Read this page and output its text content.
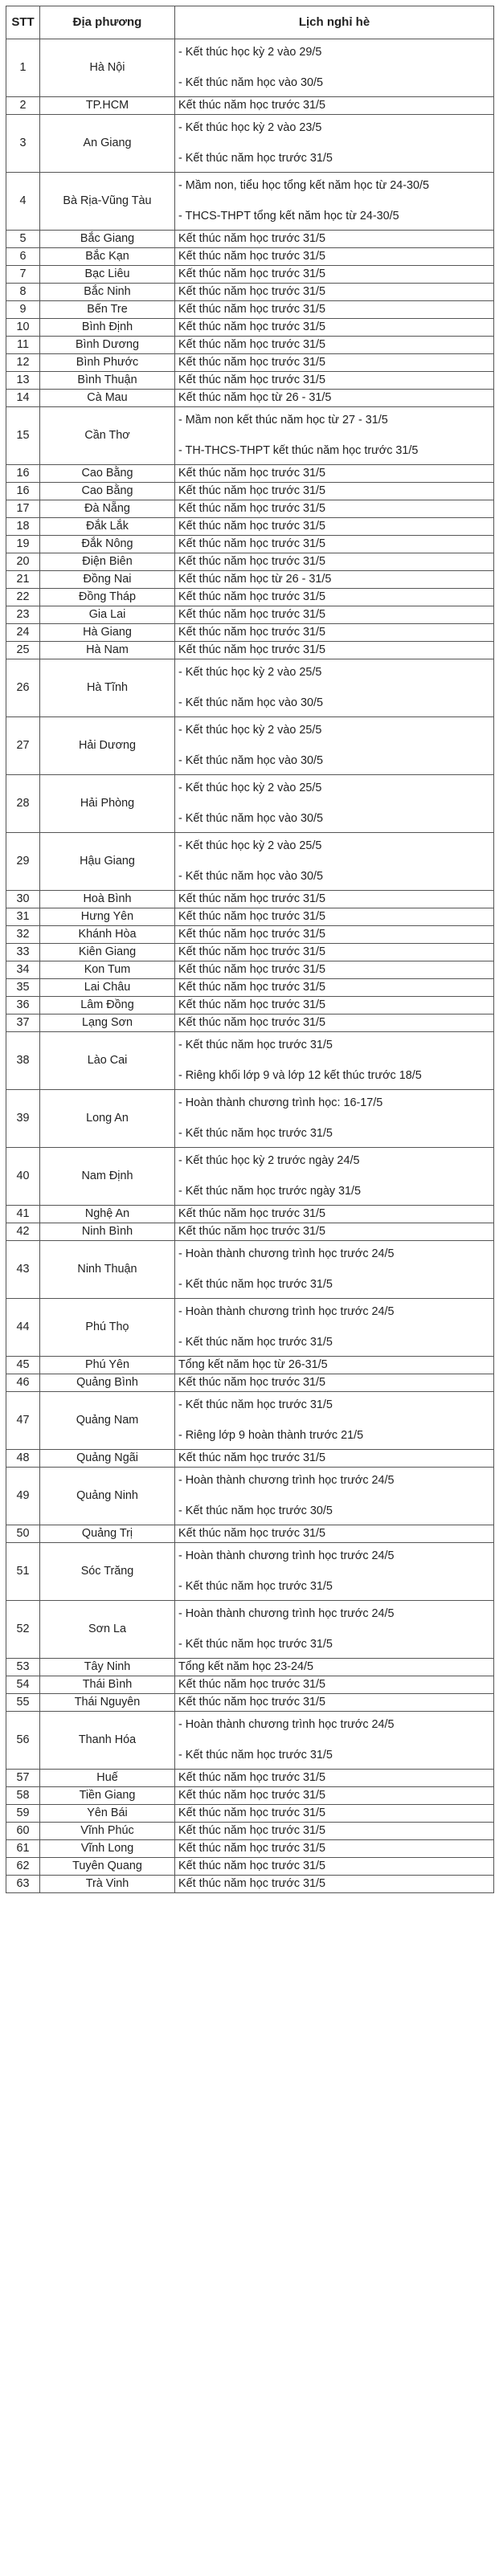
STT	Địa phương	Lịch nghỉ hè
1	Hà Nội	- Kết thúc học kỳ 2 vào 29/5
- Kết thúc năm học vào 30/5

2	TP.HCM	Kết thúc năm học trước 31/5

3	An Giang	- Kết thúc học kỳ 2 vào 23/5
- Kết thúc năm học trước 31/5

4	Bà Rịa-Vũng Tàu	- Mầm non, tiểu học tổng kết năm học từ 24-30/5
- THCS-THPT tổng kết năm học từ 24-30/5

5	Bắc Giang	Kết thúc năm học trước 31/5

6	Bắc Kạn	Kết thúc năm học trước 31/5

7	Bạc Liêu	Kết thúc năm học trước 31/5

8	Bắc Ninh	Kết thúc năm học trước 31/5

9	Bến Tre	Kết thúc năm học trước 31/5

10	Bình Định	Kết thúc năm học trước 31/5

11	Bình Dương	Kết thúc năm học trước 31/5

12	Bình Phước	Kết thúc năm học trước 31/5

13	Bình Thuận	Kết thúc năm học trước 31/5

14	Cà Mau	Kết thúc năm học từ 26 - 31/5

15	Cần Thơ	- Mầm non kết thúc năm học từ 27 - 31/5
- TH-THCS-THPT kết thúc năm học trước 31/5

16	Cao Bằng	Kết thúc năm học trước 31/5

16	Cao Bằng	Kết thúc năm học trước 31/5

17	Đà Nẵng	Kết thúc năm học trước 31/5

18	Đắk Lắk	Kết thúc năm học trước 31/5

19	Đắk Nông	Kết thúc năm học trước 31/5

20	Điện Biên	Kết thúc năm học trước 31/5

21	Đồng Nai	Kết thúc năm học từ 26 - 31/5

22	Đồng Tháp	Kết thúc năm học trước 31/5

23	Gia Lai	Kết thúc năm học trước 31/5

24	Hà Giang	Kết thúc năm học trước 31/5

25	Hà Nam	Kết thúc năm học trước 31/5

26	Hà Tĩnh	- Kết thúc học kỳ 2 vào 25/5
- Kết thúc năm học vào 30/5

27	Hải Dương	- Kết thúc học kỳ 2 vào 25/5
- Kết thúc năm học vào 30/5

28	Hải Phòng	- Kết thúc học kỳ 2 vào 25/5
- Kết thúc năm học vào 30/5

29	Hậu Giang	- Kết thúc học kỳ 2 vào 25/5
- Kết thúc năm học vào 30/5

30	Hoà Bình	Kết thúc năm học trước 31/5

31	Hưng Yên	Kết thúc năm học trước 31/5

32	Khánh Hòa	Kết thúc năm học trước 31/5

33	Kiên Giang	Kết thúc năm học trước 31/5

34	Kon Tum	Kết thúc năm học trước 31/5

35	Lai Châu	Kết thúc năm học trước 31/5

36	Lâm Đồng	Kết thúc năm học trước 31/5

37	Lạng Sơn	Kết thúc năm học trước 31/5

38	Lào Cai	- Kết thúc năm học trước 31/5
- Riêng khối lớp 9 và lớp 12 kết thúc trước 18/5

39	Long An	- Hoàn thành chương trình học: 16-17/5
- Kết thúc năm học trước 31/5

40	Nam Định	- Kết thúc học kỳ 2 trước ngày 24/5
- Kết thúc năm học trước ngày 31/5

41	Nghệ An	Kết thúc năm học trước 31/5

42	Ninh Bình	Kết thúc năm học trước 31/5

43	Ninh Thuận	- Hoàn thành chương trình học trước 24/5
- Kết thúc năm học trước 31/5

44	Phú Thọ	- Hoàn thành chương trình học trước 24/5
- Kết thúc năm học trước 31/5

45	Phú Yên	Tổng kết năm học từ 26-31/5

46	Quảng Bình	Kết thúc năm học trước 31/5

47	Quảng Nam	- Kết thúc năm học trước 31/5
- Riêng lớp 9 hoàn thành trước 21/5

48	Quảng Ngãi	Kết thúc năm học trước 31/5

49	Quảng Ninh	- Hoàn thành chương trình học trước 24/5
- Kết thúc năm học trước 30/5

50	Quảng Trị	Kết thúc năm học trước 31/5

51	Sóc Trăng	- Hoàn thành chương trình học trước 24/5
- Kết thúc năm học trước 31/5

52	Sơn La	- Hoàn thành chương trình học trước 24/5
- Kết thúc năm học trước 31/5

53	Tây Ninh	Tổng kết năm học 23-24/5

54	Thái Bình	Kết thúc năm học trước 31/5

55	Thái Nguyên	Kết thúc năm học trước 31/5

56	Thanh Hóa	- Hoàn thành chương trình học trước 24/5
- Kết thúc năm học trước 31/5

57	Huế	Kết thúc năm học trước 31/5

58	Tiền Giang	Kết thúc năm học trước 31/5

59	Yên Bái	Kết thúc năm học trước 31/5

60	Vĩnh Phúc	Kết thúc năm học trước 31/5

61	Vĩnh Long	Kết thúc năm học trước 31/5

62	Tuyên Quang	Kết thúc năm học trước 31/5

63	Trà Vinh	Kết thúc năm học trước 31/5
